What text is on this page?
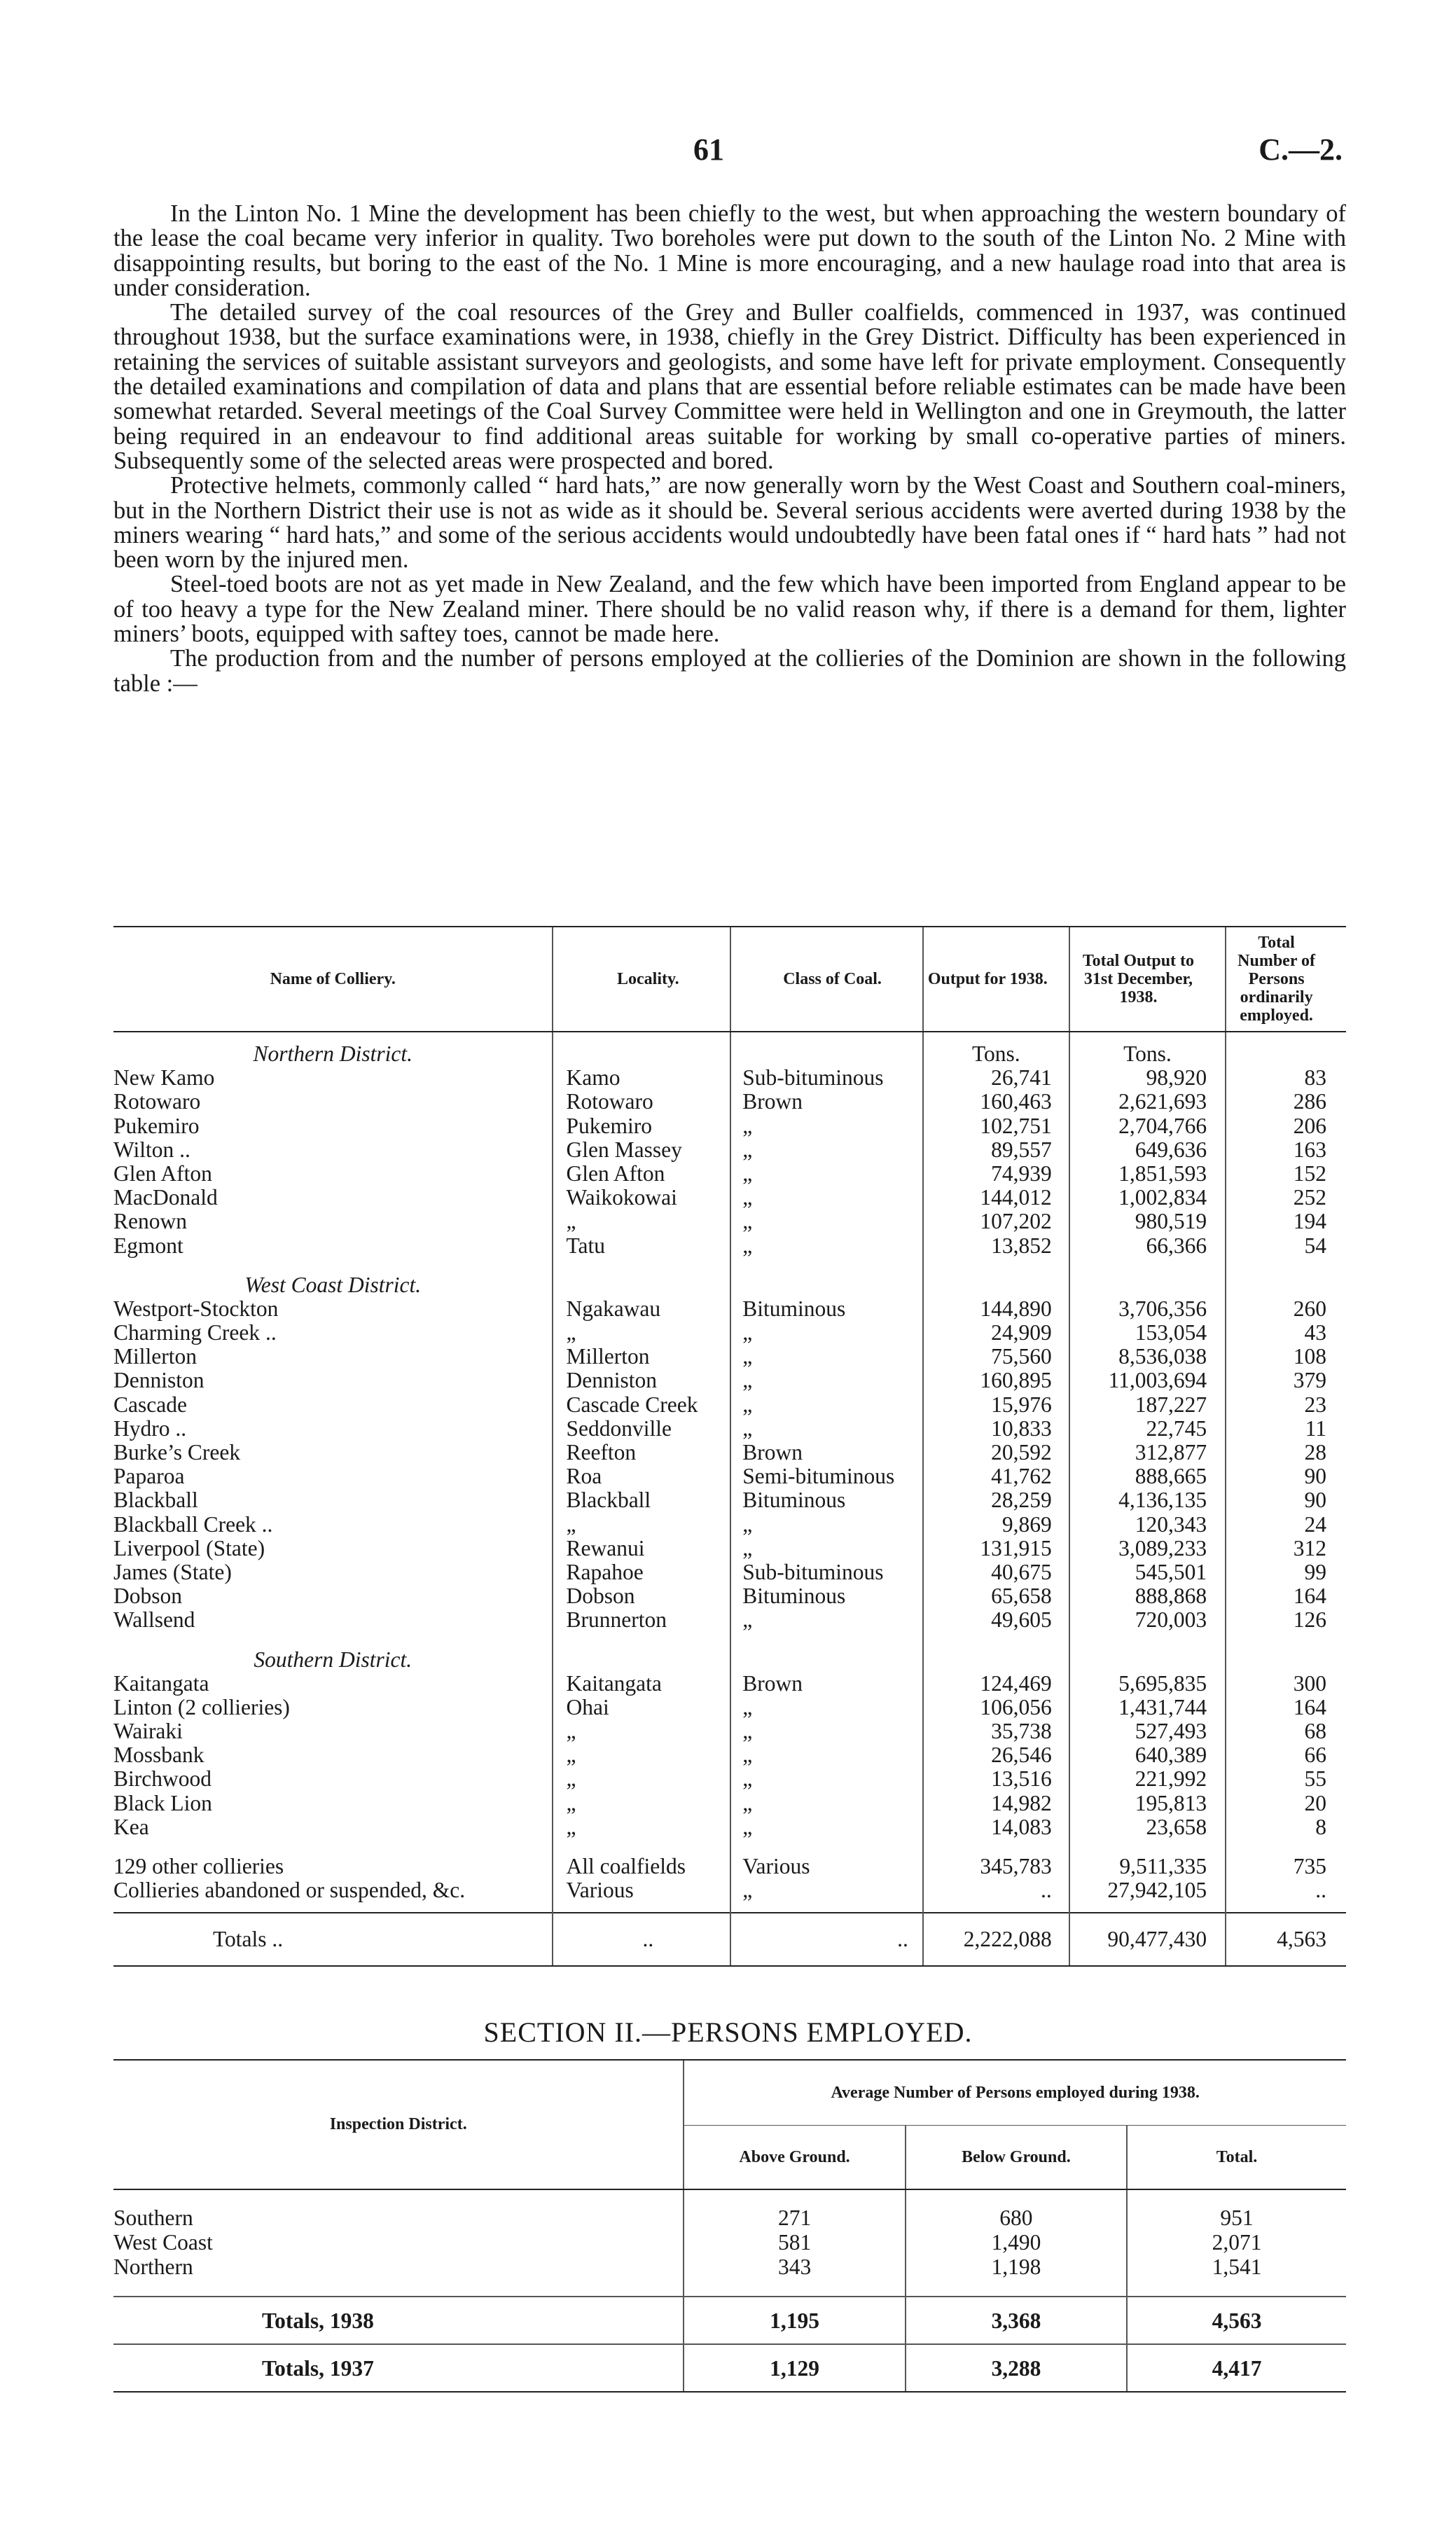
61	C.—2.

In the Linton No. 1 Mine the development has been chiefly to the west, but when approaching the western boundary of the lease the coal became very inferior in quality. Two boreholes were put down to the south of the Linton No. 2 Mine with disappointing results, but boring to the east of the No. 1 Mine is more encouraging, and a new haulage road into that area is under consideration.

The detailed survey of the coal resources of the Grey and Buller coalfields, commenced in 1937, was continued throughout 1938, but the surface examinations were, in 1938, chiefly in the Grey District. Difficulty has been experienced in retaining the services of suitable assistant surveyors and geologists, and some have left for private employment. Consequently the detailed examinations and compilation of data and plans that are essential before reliable estimates can be made have been somewhat retarded. Several meetings of the Coal Survey Committee were held in Wellington and one in Greymouth, the latter being required in an endeavour to find additional areas suitable for working by small co-operative parties of miners. Subsequently some of the selected areas were prospected and bored.

Protective helmets, commonly called “ hard hats,” are now generally worn by the West Coast and Southern coal-miners, but in the Northern District their use is not as wide as it should be. Several serious accidents were averted during 1938 by the miners wearing “ hard hats,” and some of the serious accidents would undoubtedly have been fatal ones if “ hard hats ” had not been worn by the injured men.

Steel-toed boots are not as yet made in New Zealand, and the few which have been imported from England appear to be of too heavy a type for the New Zealand miner. There should be no valid reason why, if there is a demand for them, lighter miners’ boots, equipped with saftey toes, cannot be made here.

The production from and the number of persons employed at the collieries of the Dominion are shown in the following table :—

Name of Colliery.	Locality.	Class of Coal.	Output for 1938.	Total Output to 31st December, 1938.	Total Number of Persons ordinarily employed.

Northern District.			Tons.	Tons.	
New Kamo	Kamo	Sub-bituminous	26,741	98,920	83
Rotowaro	Rotowaro	Brown	160,463	2,621,693	286
Pukemiro	Pukemiro	„	102,751	2,704,766	206
Wilton ..	Glen Massey	„	89,557	649,636	163
Glen Afton	Glen Afton	„	74,939	1,851,593	152
MacDonald	Waikokowai	„	144,012	1,002,834	252
Renown	„	„	107,202	980,519	194
Egmont	Tatu	„	13,852	66,366	54

West Coast District.					
Westport-Stockton	Ngakawau	Bituminous	144,890	3,706,356	260
Charming Creek ..	„	„	24,909	153,054	43
Millerton	Millerton	„	75,560	8,536,038	108
Denniston	Denniston	„	160,895	11,003,694	379
Cascade	Cascade Creek	„	15,976	187,227	23
Hydro ..	Seddonville	„	10,833	22,745	11
Burke’s Creek	Reefton	Brown	20,592	312,877	28
Paparoa	Roa	Semi-bituminous	41,762	888,665	90
Blackball	Blackball	Bituminous	28,259	4,136,135	90
Blackball Creek ..	„	„	9,869	120,343	24
Liverpool (State)	Rewanui	„	131,915	3,089,233	312
James (State)	Rapahoe	Sub-bituminous	40,675	545,501	99
Dobson	Dobson	Bituminous	65,658	888,868	164
Wallsend	Brunnerton	„	49,605	720,003	126

Southern District.					
Kaitangata	Kaitangata	Brown	124,469	5,695,835	300
Linton (2 collieries)	Ohai	„	106,056	1,431,744	164
Wairaki	„	„	35,738	527,493	68
Mossbank	„	„	26,546	640,389	66
Birchwood	„	„	13,516	221,992	55
Black Lion	„	„	14,982	195,813	20
Kea	„	„	14,083	23,658	8

129 other collieries	All coalfields	Various	345,783	9,511,335	735
Collieries abandoned or suspended, &c.	Various	„	..	27,942,105	..

Totals ..	..	..	2,222,088	90,477,430	4,563
SECTION II.—PERSONS EMPLOYED.
Inspection District.	Average Number of Persons employed during 1938.		
	Above Ground.	Below Ground.	Total.

Southern	271	680	951
West Coast	581	1,490	2,071
Northern	343	1,198	1,541

Totals, 1938	1,195	3,368	4,563
Totals, 1937	1,129	3,288	4,417
